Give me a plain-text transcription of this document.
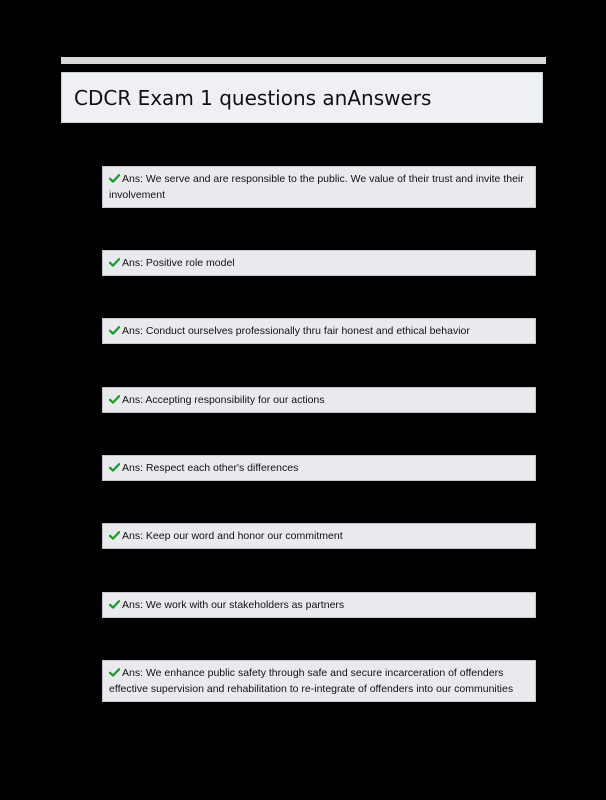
CDCR Exam 1 questions anAnswers
Ans: We serve and are responsible to the public. We value of their trust and invite their involvement
Ans: Positive role model
Ans: Conduct ourselves professionally thru fair honest and ethical behavior
Ans: Accepting responsibility for our actions
Ans: Respect each other's differences
Ans: Keep our word and honor our commitment
Ans: We work with our stakeholders as partners
Ans: We enhance public safety through safe and secure incarceration of offenders effective supervision and rehabilitation to re-integrate of offenders into our communities
